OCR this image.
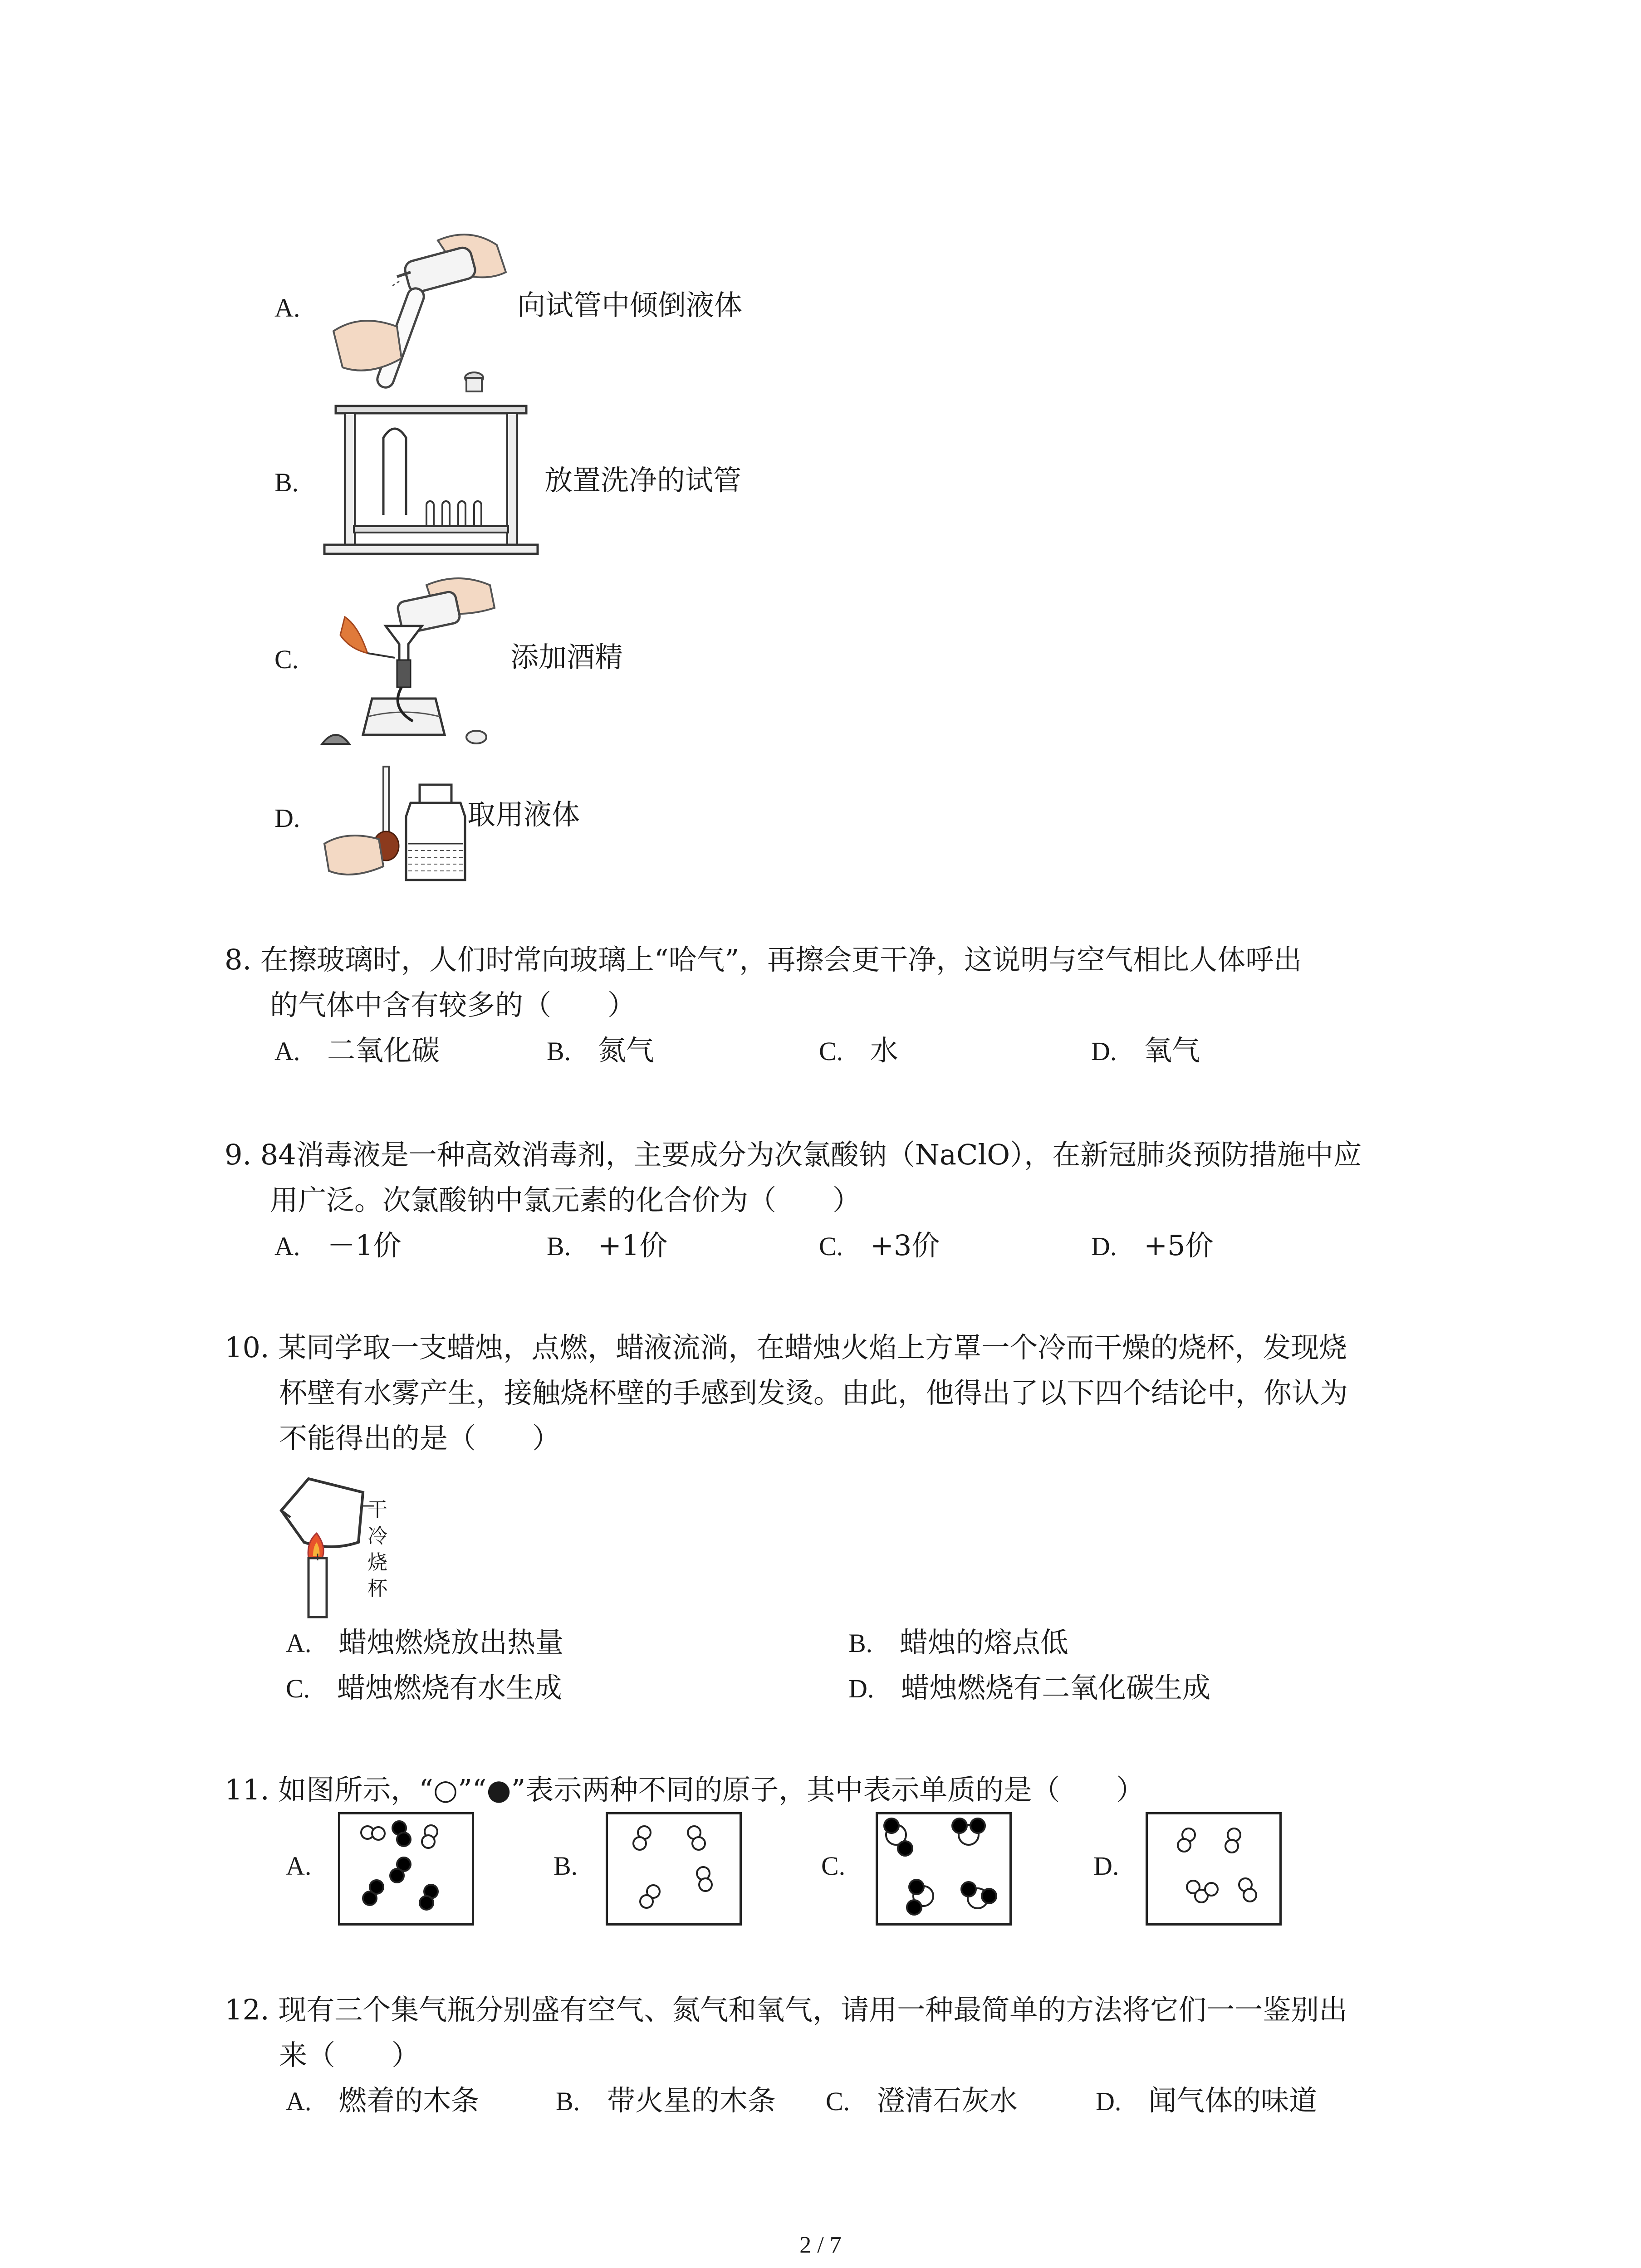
A.	向试管中倾倒液体
B.	放置洗净的试管
C.	添加酒精
D.	取用液体
8. 在擦玻璃时，人们时常向玻璃上“哈气”，再擦会更干净，这说明与空气相比人体呼出
的气体中含有较多的（　　）
A. 二氧化碳	B. 氮气	C. 水	D. 氧气
9. 84消毒液是一种高效消毒剂，主要成分为次氯酸钠（NaClO），在新冠肺炎预防措施中应
用广泛。次氯酸钠中氯元素的化合价为（　　）
A. －1价	B. +1价	C. +3价	D. +5价
10. 某同学取一支蜡烛，点燃，蜡液流淌，在蜡烛火焰上方罩一个冷而干燥的烧杯，发现烧
杯壁有水雾产生，接触烧杯壁的手感到发烫。由此，他得出了以下四个结论中，你认为
不能得出的是（　　）
干
冷
烧
杯
A. 蜡烛燃烧放出热量	B. 蜡烛的熔点低
C. 蜡烛燃烧有水生成	D. 蜡烛燃烧有二氧化碳生成
11. 如图所示，“○”“●”表示两种不同的原子，其中表示单质的是（　　）
A.	B.	C.	D.
12. 现有三个集气瓶分别盛有空气、氮气和氧气，请用一种最简单的方法将它们一一鉴别出
来（　　）
A. 燃着的木条	B. 带火星的木条 C. 澄清石灰水	D. 闻气体的味道
2 / 7
